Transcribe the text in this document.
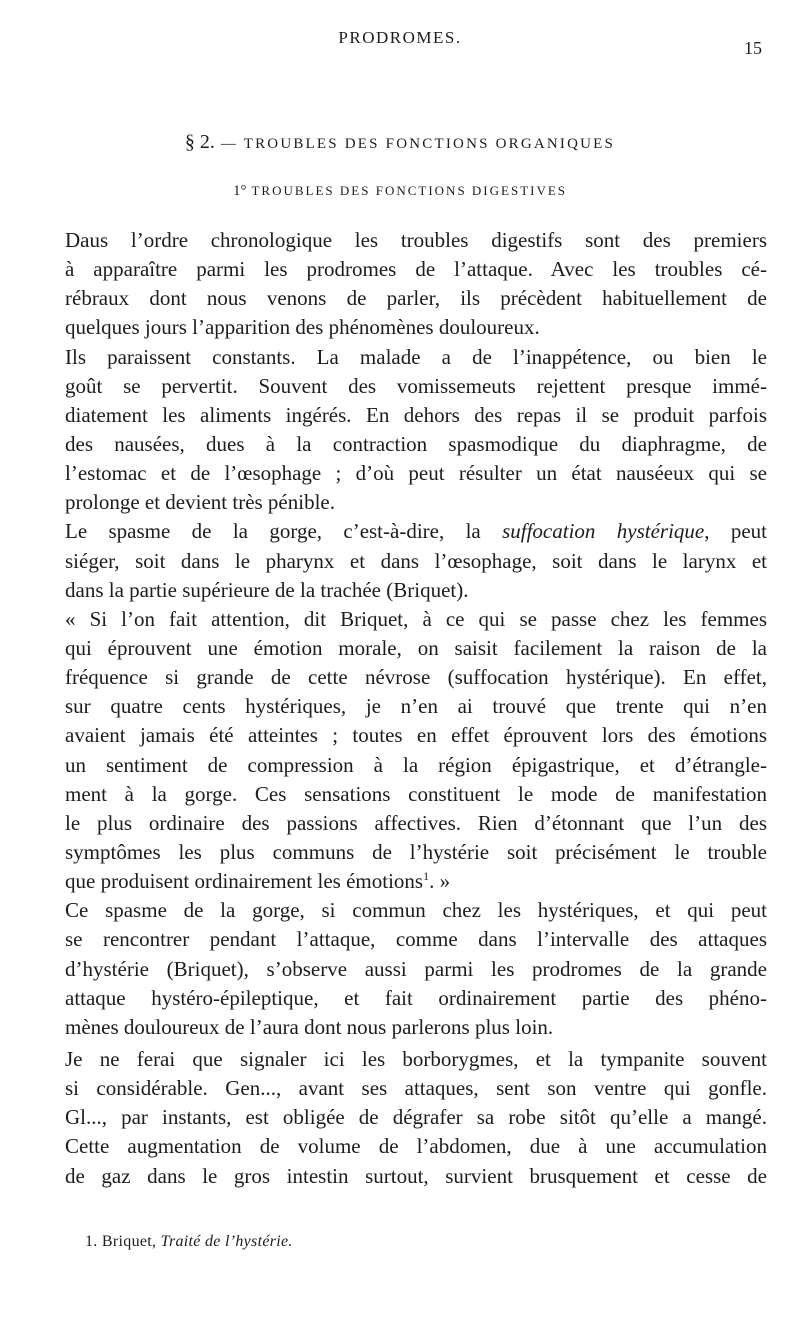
PRODROMES.
15
§ 2. — TROUBLES DES FONCTIONS ORGANIQUES
1° TROUBLES DES FONCTIONS DIGESTIVES
Daus l’ordre chronologique les troubles digestifs sont des premiers
à apparaître parmi les prodromes de l’attaque. Avec les troubles cé-
rébraux dont nous venons de parler, ils précèdent habituellement de
quelques jours l’apparition des phénomènes douloureux.
Ils paraissent constants. La malade a de l’inappétence, ou bien le
goût se pervertit. Souvent des vomissemeuts rejettent presque immé-
diatement les aliments ingérés. En dehors des repas il se produit parfois
des nausées, dues à la contraction spasmodique du diaphragme, de
l’estomac et de l’œsophage ; d’où peut résulter un état nauséeux qui se
prolonge et devient très pénible.
Le spasme de la gorge, c’est-à-dire, la suffocation hystérique, peut
siéger, soit dans le pharynx et dans l’œsophage, soit dans le larynx et
dans la partie supérieure de la trachée (Briquet).
« Si l’on fait attention, dit Briquet, à ce qui se passe chez les femmes
qui éprouvent une émotion morale, on saisit facilement la raison de la
fréquence si grande de cette névrose (suffocation hystérique). En effet,
sur quatre cents hystériques, je n’en ai trouvé que trente qui n’en
avaient jamais été atteintes ; toutes en effet éprouvent lors des émotions
un sentiment de compression à la région épigastrique, et d’étrangle-
ment à la gorge. Ces sensations constituent le mode de manifestation
le plus ordinaire des passions affectives. Rien d’étonnant que l’un des
symptômes les plus communs de l’hystérie soit précisément le trouble
que produisent ordinairement les émotions$^1$. »
Ce spasme de la gorge, si commun chez les hystériques, et qui peut
se rencontrer pendant l’attaque, comme dans l’intervalle des attaques
d’hystérie (Briquet), s’observe aussi parmi les prodromes de la grande
attaque hystéro-épileptique, et fait ordinairement partie des phéno-
mènes douloureux de l’aura dont nous parlerons plus loin.
Je ne ferai que signaler ici les borborygmes, et la tympanite souvent
si considérable. Gen..., avant ses attaques, sent son ventre qui gonfle.
Gl..., par instants, est obligée de dégrafer sa robe sitôt qu’elle a mangé.
Cette augmentation de volume de l’abdomen, due à une accumulation
de gaz dans le gros intestin surtout, survient brusquement et cesse de
1. Briquet, Traité de l’hystérie.
